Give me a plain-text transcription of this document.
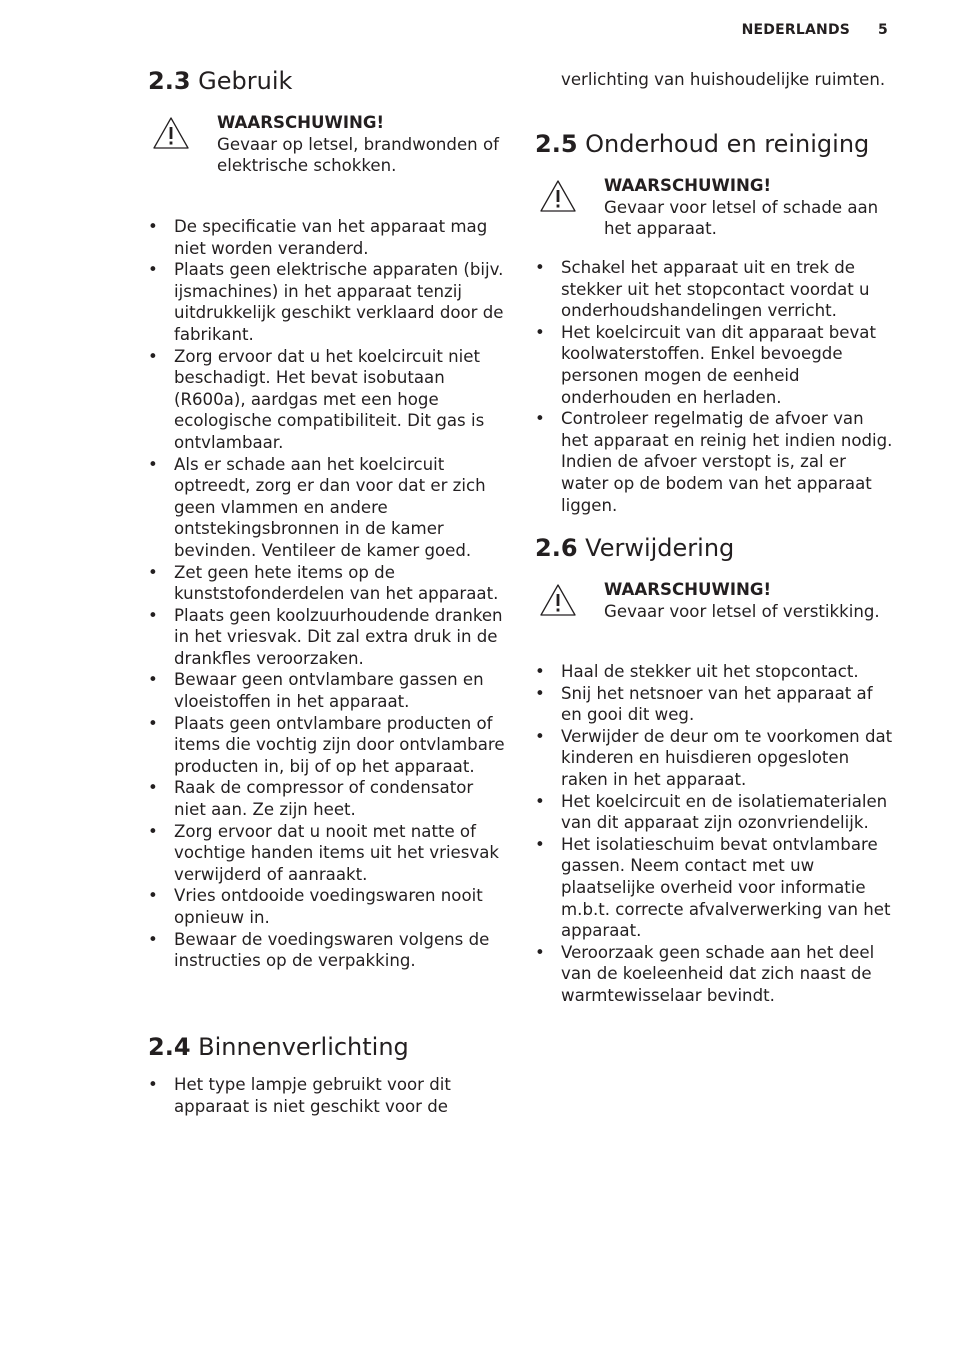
NEDERLANDS 5
2.3 Gebruik
WAARSCHUWING!
Gevaar op letsel, brandwonden of elektrische schokken.
• De specificatie van het apparaat mag niet worden veranderd.
• Plaats geen elektrische apparaten (bijv. ijsmachines) in het apparaat tenzij uitdrukkelijk geschikt verklaard door de fabrikant.
• Zorg ervoor dat u het koelcircuit niet beschadigt. Het bevat isobutaan (R600a), aardgas met een hoge ecologische compatibiliteit. Dit gas is ontvlambaar.
• Als er schade aan het koelcircuit optreedt, zorg er dan voor dat er zich geen vlammen en andere ontstekingsbronnen in de kamer bevinden. Ventileer de kamer goed.
• Zet geen hete items op de kunststofonderdelen van het apparaat.
• Plaats geen koolzuurhoudende dranken in het vriesvak. Dit zal extra druk in de drankfles veroorzaken.
• Bewaar geen ontvlambare gassen en vloeistoffen in het apparaat.
• Plaats geen ontvlambare producten of items die vochtig zijn door ontvlambare producten in, bij of op het apparaat.
• Raak de compressor of condensator niet aan. Ze zijn heet.
• Zorg ervoor dat u nooit met natte of vochtige handen items uit het vriesvak verwijderd of aanraakt.
• Vries ontdooide voedingswaren nooit opnieuw in.
• Bewaar de voedingswaren volgens de instructies op de verpakking.
2.4 Binnenverlichting
• Het type lampje gebruikt voor dit apparaat is niet geschikt voor de

verlichting van huishoudelijke ruimten.

2.5 Onderhoud en reiniging
WAARSCHUWING!
Gevaar voor letsel of schade aan het apparaat.
• Schakel het apparaat uit en trek de stekker uit het stopcontact voordat u onderhoudshandelingen verricht.
• Het koelcircuit van dit apparaat bevat koolwaterstoffen. Enkel bevoegde personen mogen de eenheid onderhouden en herladen.
• Controleer regelmatig de afvoer van het apparaat en reinig het indien nodig. Indien de afvoer verstopt is, zal er water op de bodem van het apparaat liggen.
2.6 Verwijdering
WAARSCHUWING!
Gevaar voor letsel of verstikking.
• Haal de stekker uit het stopcontact.
• Snij het netsnoer van het apparaat af en gooi dit weg.
• Verwijder de deur om te voorkomen dat kinderen en huisdieren opgesloten raken in het apparaat.
• Het koelcircuit en de isolatiematerialen van dit apparaat zijn ozonvriendelijk.
• Het isolatieschuim bevat ontvlambare gassen. Neem contact met uw plaatselijke overheid voor informatie m.b.t. correcte afvalverwerking van het apparaat.
• Veroorzaak geen schade aan het deel van de koeleenheid dat zich naast de warmtewisselaar bevindt.
